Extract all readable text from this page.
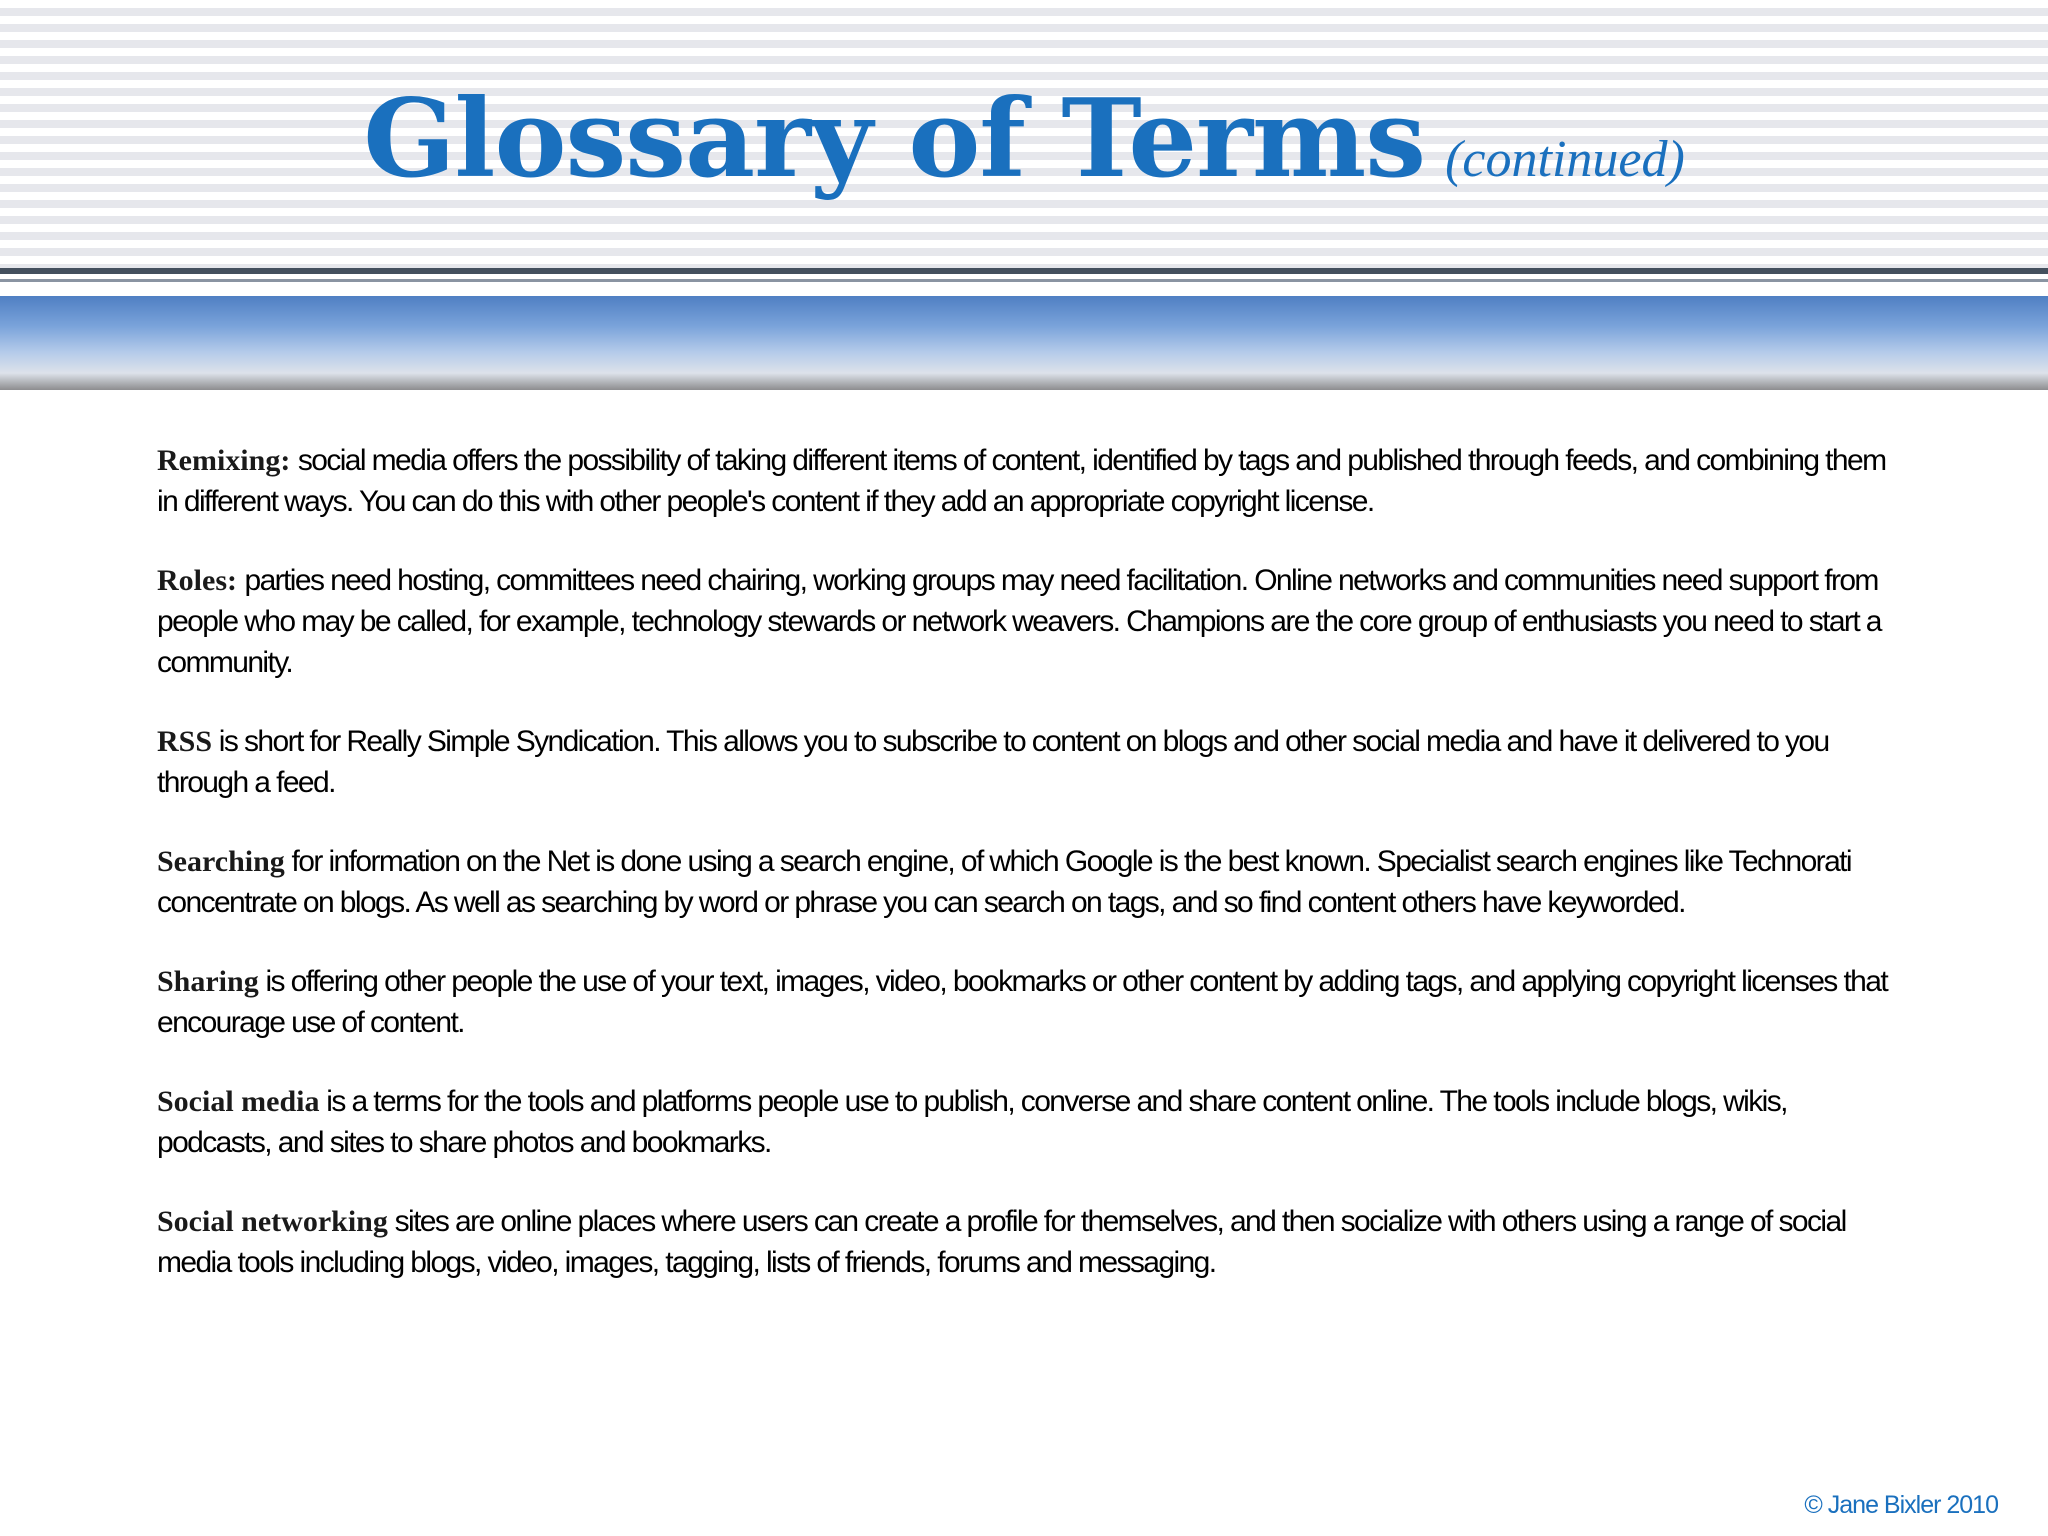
Glossary of Terms (continued)
Remixing: social media offers the possibility of taking different items of content, identified by tags and published through feeds, and combining them in different ways. You can do this with other people's content if they add an appropriate copyright license.
Roles: parties need hosting, committees need chairing, working groups may need facilitation. Online networks and communities need support from people who may be called, for example, technology stewards or network weavers. Champions are the core group of enthusiasts you need to start a community.
RSS is short for Really Simple Syndication. This allows you to subscribe to content on blogs and other social media and have it delivered to you through a feed.
Searching for information on the Net is done using a search engine, of which Google is the best known. Specialist search engines like Technorati concentrate on blogs. As well as searching by word or phrase you can search on tags, and so find content others have keyworded.
Sharing is offering other people the use of your text, images, video, bookmarks or other content by adding tags, and applying copyright licenses that encourage use of content.
Social media is a terms for the tools and platforms people use to publish, converse and share content online. The tools include blogs, wikis, podcasts, and sites to share photos and bookmarks.
Social networking sites are online places where users can create a profile for themselves, and then socialize with others using a range of social media tools including blogs, video, images, tagging, lists of friends, forums and messaging.
© Jane Bixler 2010
